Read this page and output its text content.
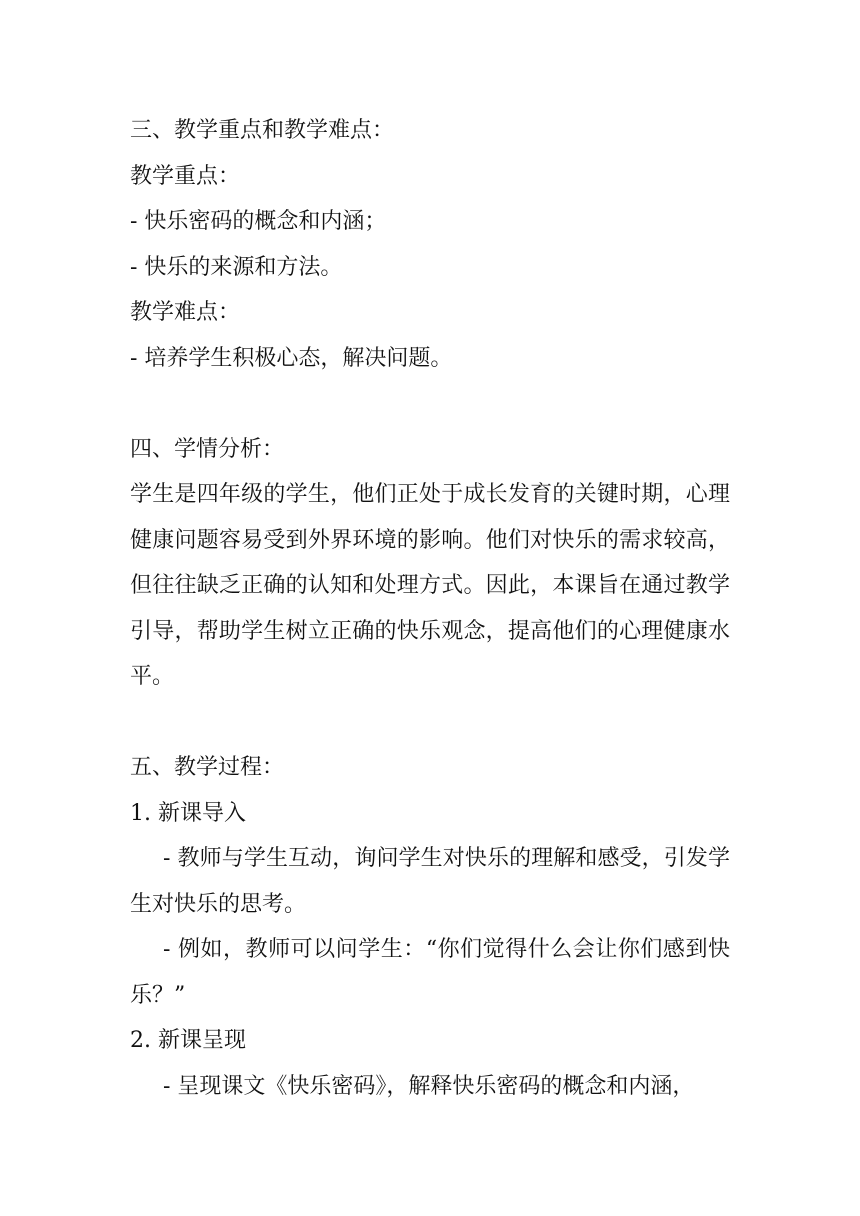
三、教学重点和教学难点：
教学重点：
- 快乐密码的概念和内涵；
- 快乐的来源和方法。
教学难点：
- 培养学生积极心态，解决问题。
四、学情分析：
学生是四年级的学生，他们正处于成长发育的关键时期，心理健康问题容易受到外界环境的影响。他们对快乐的需求较高，但往往缺乏正确的认知和处理方式。因此，本课旨在通过教学引导，帮助学生树立正确的快乐观念，提高他们的心理健康水平。
五、教学过程：
1. 新课导入
- 教师与学生互动，询问学生对快乐的理解和感受，引发学生对快乐的思考。
- 例如，教师可以问学生：“你们觉得什么会让你们感到快乐？”
2. 新课呈现
- 呈现课文《快乐密码》，解释快乐密码的概念和内涵，
